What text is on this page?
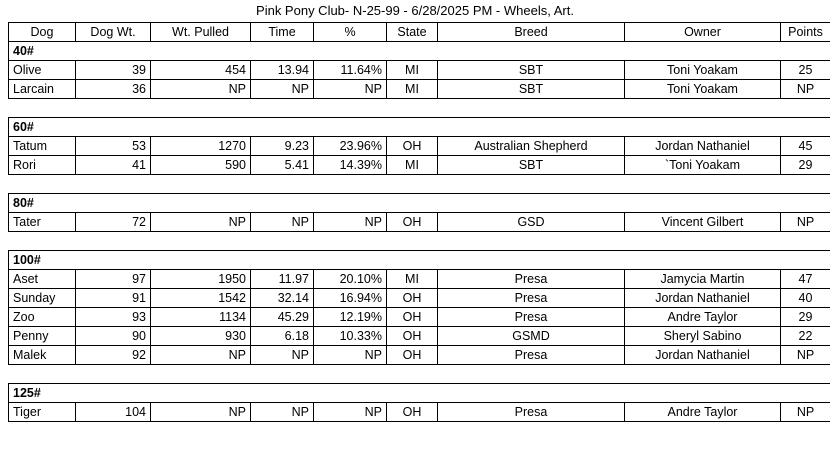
Pink Pony Club- N-25-99 - 6/28/2025 PM - Wheels, Art.
Dog	Dog Wt.	Wt. Pulled	Time	%	State	Breed	Owner	Points
40#								
Olive	39	454	13.94	11.64%	MI	SBT	Toni Yoakam	25
Larcain	36	NP	NP	NP	MI	SBT	Toni Yoakam	NP

60#								
Tatum	53	1270	9.23	23.96%	OH	Australian Shepherd	Jordan Nathaniel	45
Rori	41	590	5.41	14.39%	MI	SBT	`Toni Yoakam	29

80#								
Tater	72	NP	NP	NP	OH	GSD	Vincent Gilbert	NP

100#								
Aset	97	1950	11.97	20.10%	MI	Presa	Jamycia Martin	47
Sunday	91	1542	32.14	16.94%	OH	Presa	Jordan Nathaniel	40
Zoo	93	1134	45.29	12.19%	OH	Presa	Andre Taylor	29
Penny	90	930	6.18	10.33%	OH	GSMD	Sheryl Sabino	22
Malek	92	NP	NP	NP	OH	Presa	Jordan Nathaniel	NP

125#								
Tiger	104	NP	NP	NP	OH	Presa	Andre Taylor	NP
